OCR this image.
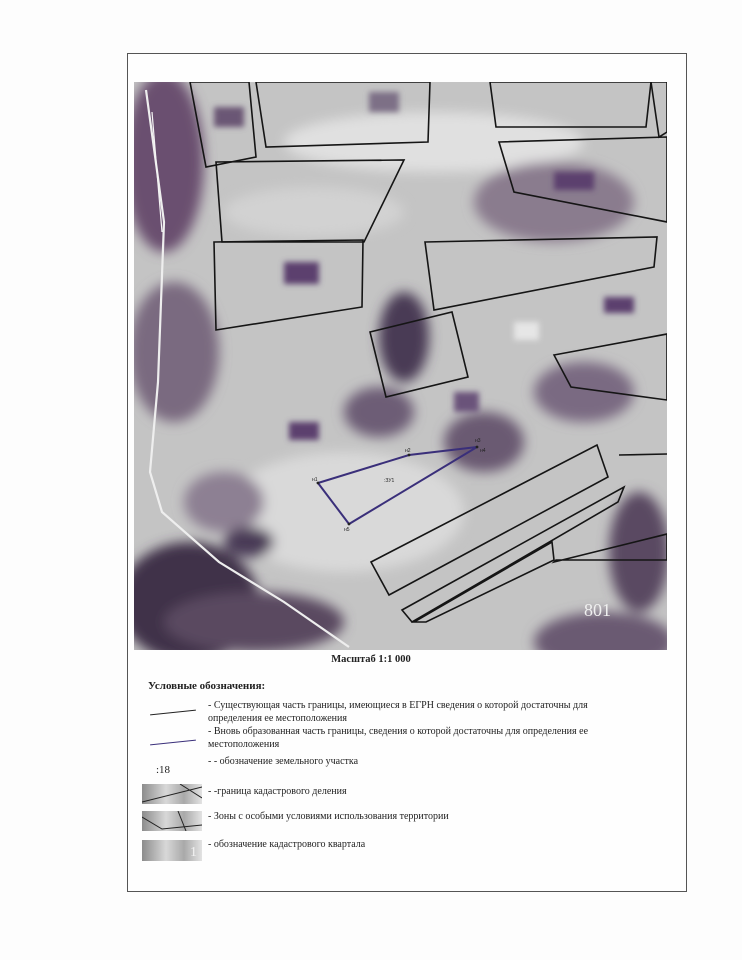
:ЗУ1
н1
н2
н3
н4
н5
801
Масштаб 1:1 000
Условные обозначения:
- Существующая часть границы, имеющиеся в ЕГРН сведения о которой достаточны для определения ее местоположения
- Вновь образованная часть границы, сведения о которой достаточны для определения ее местоположения
:18
- - обозначение земельного участка
- -граница кадастрового деления
- Зоны с особыми условиями использования территории
1
- обозначение кадастрового квартала
